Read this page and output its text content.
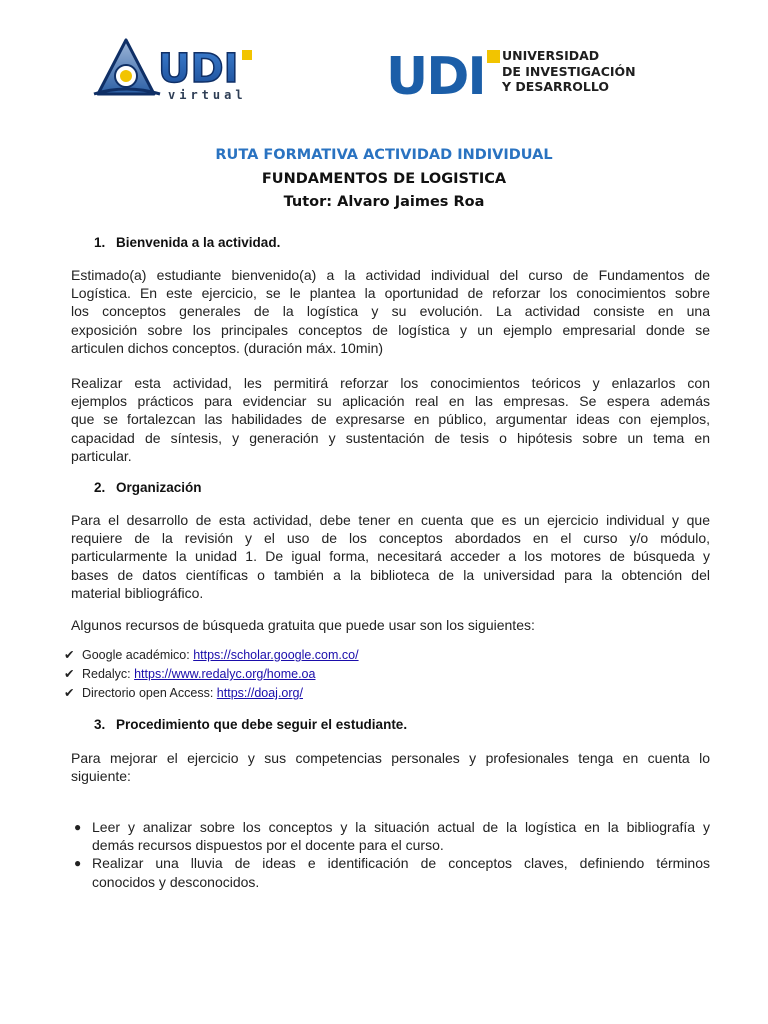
UDI
virtual	UDI UNIVERSIDAD
DE INVESTIGACIÓN
Y DESARROLLO
RUTA FORMATIVA ACTIVIDAD INDIVIDUAL
FUNDAMENTOS DE LOGISTICA
Tutor: Alvaro Jaimes Roa
1. Bienvenida a la actividad.
Estimado(a) estudiante bienvenido(a) a la actividad individual del curso de Fundamentos de
Logística. En este ejercicio, se le plantea la oportunidad de reforzar los conocimientos sobre
los conceptos generales de la logística y su evolución. La actividad consiste en una
exposición sobre los principales conceptos de logística y un ejemplo empresarial donde se
articulen dichos conceptos. (duración máx. 10min)
Realizar esta actividad, les permitirá reforzar los conocimientos teóricos y enlazarlos con
ejemplos prácticos para evidenciar su aplicación real en las empresas. Se espera además
que se fortalezcan las habilidades de expresarse en público, argumentar ideas con ejemplos,
capacidad de síntesis, y generación y sustentación de tesis o hipótesis sobre un tema en
particular.
2. Organización
Para el desarrollo de esta actividad, debe tener en cuenta que es un ejercicio individual y que
requiere de la revisión y el uso de los conceptos abordados en el curso y/o módulo,
particularmente la unidad 1. De igual forma, necesitará acceder a los motores de búsqueda y
bases de datos científicas o también a la biblioteca de la universidad para la obtención del
material bibliográfico.
Algunos recursos de búsqueda gratuita que puede usar son los siguientes:
✔ Google académico: https://scholar.google.com.co/
✔ Redalyc: https://www.redalyc.org/home.oa
✔ Directorio open Access: https://doaj.org/
3. Procedimiento que debe seguir el estudiante.
Para mejorar el ejercicio y sus competencias personales y profesionales tenga en cuenta lo
siguiente:
● Leer y analizar sobre los conceptos y la situación actual de la logística en la bibliografía y
demás recursos dispuestos por el docente para el curso.
● Realizar una lluvia de ideas e identificación de conceptos claves, definiendo términos
conocidos y desconocidos.
